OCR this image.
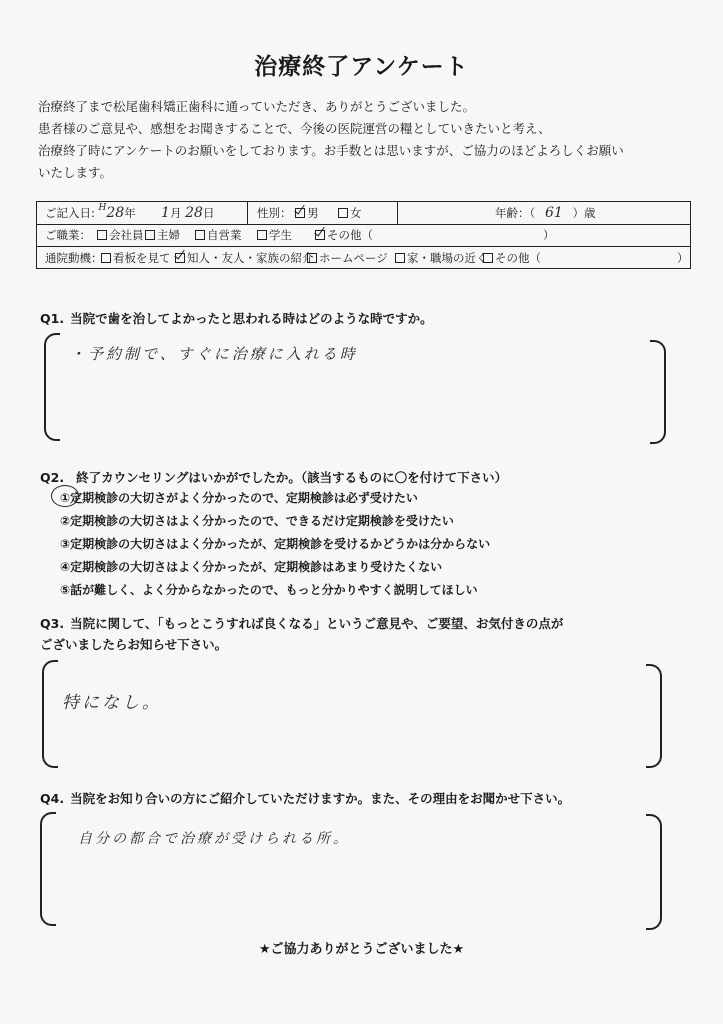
治療終了アンケート
治療終了まで松尾歯科矯正歯科に通っていただき、ありがとうございました。
患者様のご意見や、感想をお聞きすることで、今後の医院運営の糧としていきたいと考え、
治療終了時にアンケートのお願いをしております。お手数とは思いますが、ご協力のほどよろしくお願い
いたします。
ご記入日: $^H$28年 1月 28日	性別： 男	女	年齢：（ 61 ）歳
ご職業：	会社員	主婦	自営業	学生	その他（	）
通院動機： 看板を見て	知人・友人・家族の紹介 ホームページ	家・職場の近く その他（	）
Q1. 当院で歯を治してよかったと思われる時はどのような時ですか。
・予約制で、すぐに治療に入れる時
Q2. 終了カウンセリングはいかがでしたか。（該当するものに〇を付けて下さい）
①定期検診の大切さがよく分かったので、定期検診は必ず受けたい
②定期検診の大切さはよく分かったので、できるだけ定期検診を受けたい
③定期検診の大切さはよく分かったが、定期検診を受けるかどうかは分からない
④定期検診の大切さはよく分かったが、定期検診はあまり受けたくない
⑤話が難しく、よく分からなかったので、もっと分かりやすく説明してほしい
Q3. 当院に関して、「もっとこうすれば良くなる」というご意見や、ご要望、お気付きの点が
ございましたらお知らせ下さい。
特になし。
Q4. 当院をお知り合いの方にご紹介していただけますか。また、その理由をお聞かせ下さい。
自分の都合で治療が受けられる所。
★ご協力ありがとうございました★
